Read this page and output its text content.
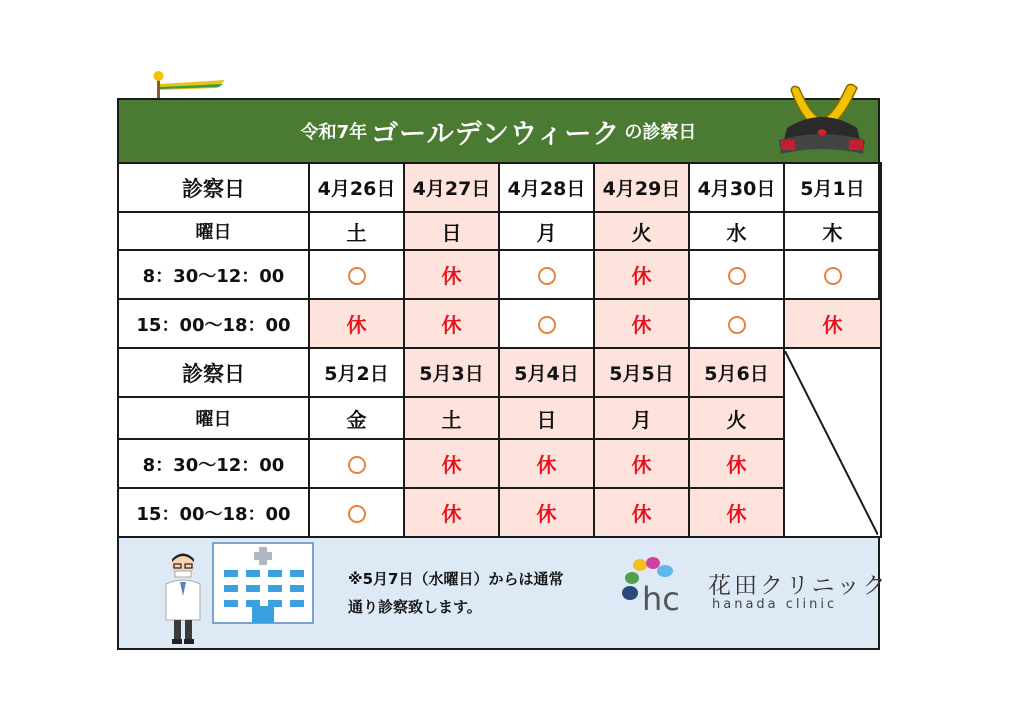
令和7年 ゴールデンウィーク の診察日
診察日	4月26日	4月27日	4月28日	4月29日	4月30日	5月1日
曜日	土	日	月	火	水	木
8：30～12：00		休		休		
15：00～18：00	休	休		休		休
診察日	5月2日	5月3日	5月4日	5月5日	5月6日	

曜日	金	土	日	月	火	
8：30～12：00		休	休	休	休	
15：00～18：00		休	休	休	休	
※5月7日（水曜日）からは通常
通り診察致します。	hc 花田クリニック
hanada clinic
